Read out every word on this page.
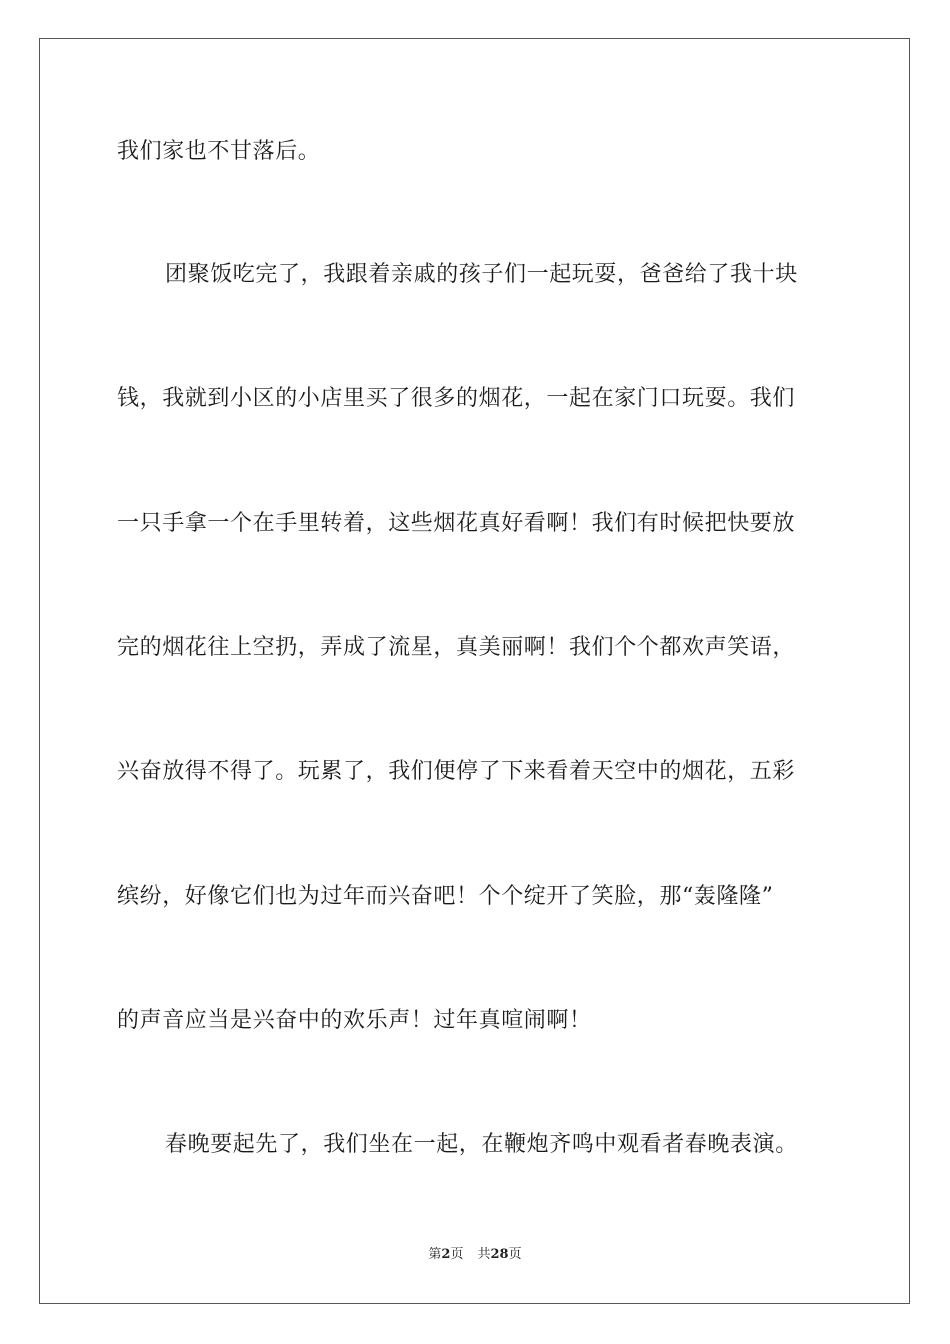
我们家也不甘落后。
团聚饭吃完了，我跟着亲戚的孩子们一起玩耍，爸爸给了我十块
钱，我就到小区的小店里买了很多的烟花，一起在家门口玩耍。我们
一只手拿一个在手里转着，这些烟花真好看啊！我们有时候把快要放
完的烟花往上空扔，弄成了流星，真美丽啊！我们个个都欢声笑语，
兴奋放得不得了。玩累了，我们便停了下来看着天空中的烟花，五彩
缤纷，好像它们也为过年而兴奋吧！个个绽开了笑脸，那“轰隆隆”
的声音应当是兴奋中的欢乐声！过年真喧闹啊！
春晚要起先了，我们坐在一起，在鞭炮齐鸣中观看者春晚表演。
第2页 共28页
